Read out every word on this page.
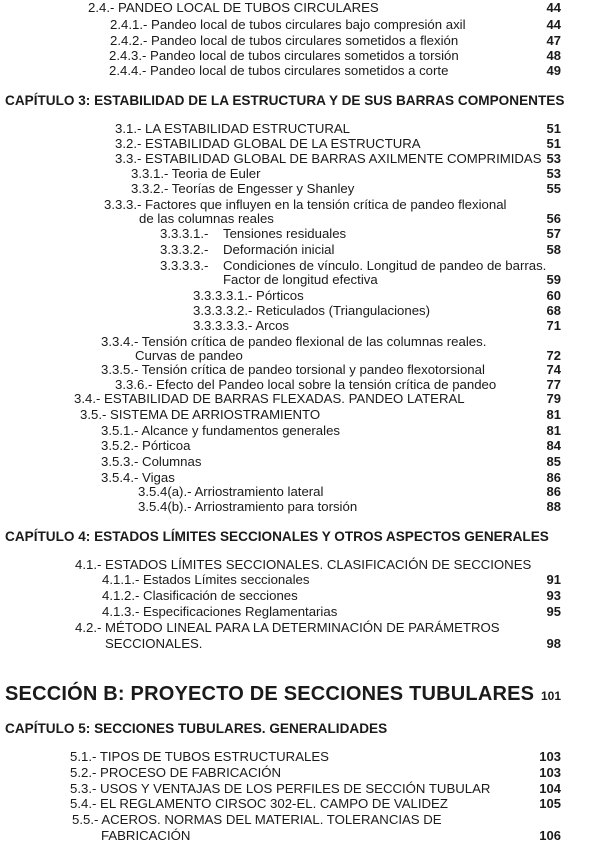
2.4.- PANDEO LOCAL DE TUBOS CIRCULARES	44
2.4.1.- Pandeo local de tubos circulares bajo compresión axil	44
2.4.2.- Pandeo local de tubos circulares sometidos a flexión	47
2.4.3.- Pandeo local de tubos circulares sometidos a torsión	48
2.4.4.- Pandeo local de tubos circulares sometidos a corte	49
CAPÍTULO 3: ESTABILIDAD DE LA ESTRUCTURA Y DE SUS BARRAS COMPONENTES
3.1.- LA ESTABILIDAD ESTRUCTURAL	51
3.2.- ESTABILIDAD GLOBAL DE LA ESTRUCTURA	51
3.3.- ESTABILIDAD GLOBAL DE BARRAS AXILMENTE COMPRIMIDAS 53
3.3.1.- Teoria de Euler	53
3.3.2.- Teorías de Engesser y Shanley	55
3.3.3.- Factores que influyen en la tensión crítica de pandeo flexional
de las columnas reales	56
3.3.3.1.- Tensiones residuales	57
3.3.3.2.- Deformación inicial	58
3.3.3.3.- Condiciones de vínculo. Longitud de pandeo de barras.
Factor de longitud efectiva	59
3.3.3.3.1.- Pórticos	60
3.3.3.3.2.- Reticulados (Triangulaciones)	68
3.3.3.3.3.- Arcos	71
3.3.4.- Tensión crítica de pandeo flexional de las columnas reales.
Curvas de pandeo	72
3.3.5.- Tensión crítica de pandeo torsional y pandeo flexotorsional	74
3.3.6.- Efecto del Pandeo local sobre la tensión crítica de pandeo	77
3.4.- ESTABILIDAD DE BARRAS FLEXADAS. PANDEO LATERAL	79
3.5.- SISTEMA DE ARRIOSTRAMIENTO	81
3.5.1.- Alcance y fundamentos generales	81
3.5.2.- Pórticoa	84
3.5.3.- Columnas	85
3.5.4.- Vigas	86
3.5.4(a).- Arriostramiento lateral	86
3.5.4(b).- Arriostramiento para torsión	88
CAPÍTULO 4: ESTADOS LÍMITES SECCIONALES Y OTROS ASPECTOS GENERALES
4.1.- ESTADOS LÍMITES SECCIONALES. CLASIFICACIÓN DE SECCIONES
4.1.1.- Estados Límites seccionales	91
4.1.2.- Clasificación de secciones	93
4.1.3.- Especificaciones Reglamentarias	95
4.2.- MÉTODO LINEAL PARA LA DETERMINACIÓN DE PARÁMETROS
SECCIONALES.	98
SECCIÓN B: PROYECTO DE SECCIONES TUBULARES 101
CAPÍTULO 5: SECCIONES TUBULARES. GENERALIDADES
5.1.- TIPOS DE TUBOS ESTRUCTURALES	103
5.2.- PROCESO DE FABRICACIÓN	103
5.3.- USOS Y VENTAJAS DE LOS PERFILES DE SECCIÓN TUBULAR	104
5.4.- EL REGLAMENTO CIRSOC 302-EL. CAMPO DE VALIDEZ	105
5.5.- ACEROS. NORMAS DEL MATERIAL. TOLERANCIAS DE
FABRICACIÓN	106
